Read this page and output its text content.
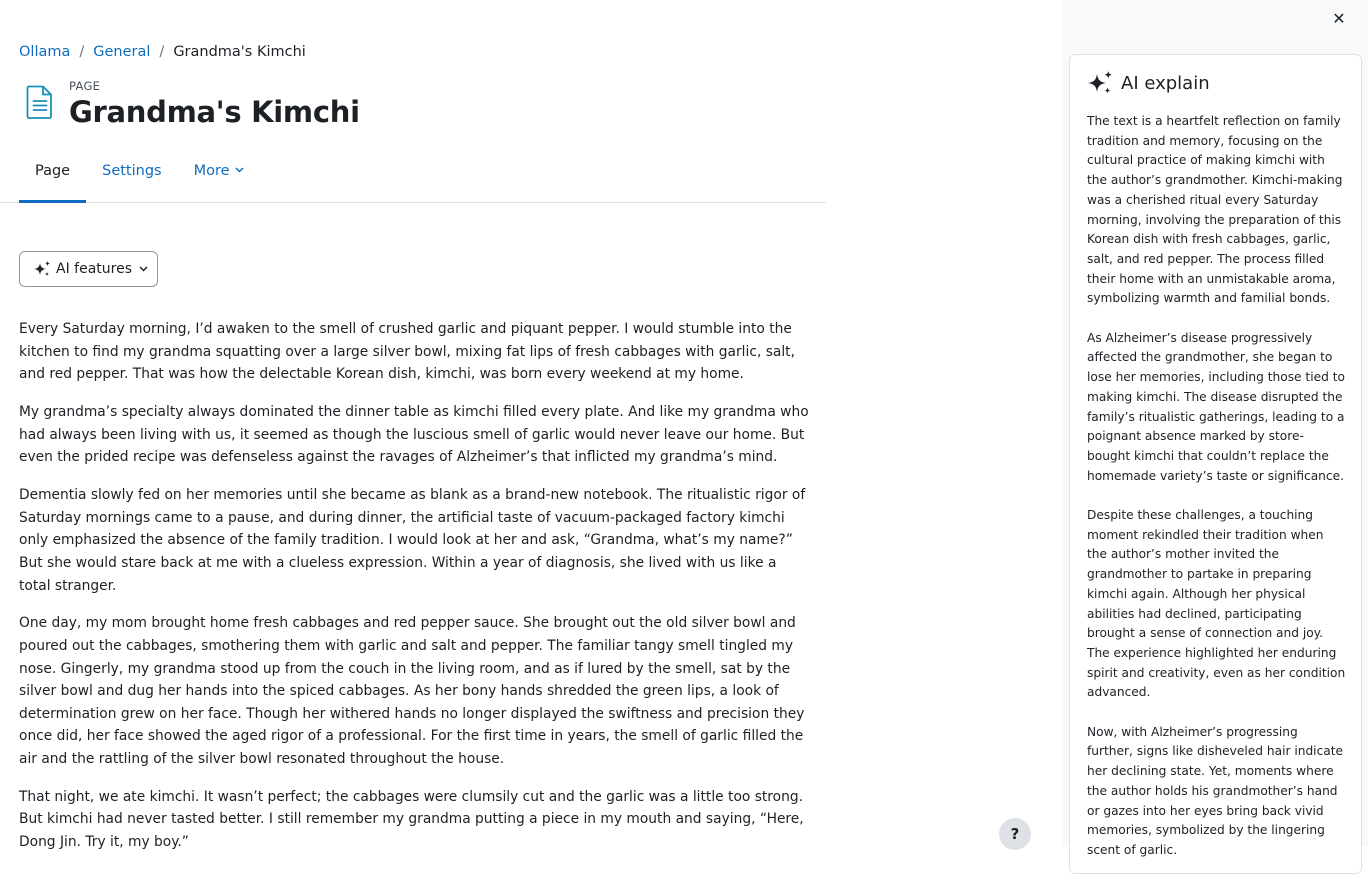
Ollama / General / Grandma's Kimchi
PAGE
Grandma's Kimchi
Page Settings More
AI features

Every Saturday morning, I’d awaken to the smell of crushed garlic and piquant pepper. I would stumble into the kitchen to find my grandma squatting over a large silver bowl, mixing fat lips of fresh cabbages with garlic, salt, and red pepper. That was how the delectable Korean dish, kimchi, was born every weekend at my home.

My grandma’s specialty always dominated the dinner table as kimchi filled every plate. And like my grandma who had always been living with us, it seemed as though the luscious smell of garlic would never leave our home. But even the prided recipe was defenseless against the ravages of Alzheimer’s that inflicted my grandma’s mind.

Dementia slowly fed on her memories until she became as blank as a brand-new notebook. The ritualistic rigor of Saturday mornings came to a pause, and during dinner, the artificial taste of vacuum-packaged factory kimchi only emphasized the absence of the family tradition. I would look at her and ask, “Grandma, what’s my name?” But she would stare back at me with a clueless expression. Within a year of diagnosis, she lived with us like a total stranger.

One day, my mom brought home fresh cabbages and red pepper sauce. She brought out the old silver bowl and poured out the cabbages, smothering them with garlic and salt and pepper. The familiar tangy smell tingled my nose. Gingerly, my grandma stood up from the couch in the living room, and as if lured by the smell, sat by the silver bowl and dug her hands into the spiced cabbages. As her bony hands shredded the green lips, a look of determination grew on her face. Though her withered hands no longer displayed the swiftness and precision they once did, her face showed the aged rigor of a professional. For the first time in years, the smell of garlic filled the air and the rattling of the silver bowl resonated throughout the house.

That night, we ate kimchi. It wasn’t perfect; the cabbages were clumsily cut and the garlic was a little too strong. But kimchi had never tasted better. I still remember my grandma putting a piece in my mouth and saying, “Here, Dong Jin. Try it, my boy.”	?
✕
AI explain

The text is a heartfelt reflection on family tradition and memory, focusing on the cultural practice of making kimchi with the author’s grandmother. Kimchi-making was a cherished ritual every Saturday morning, involving the preparation of this Korean dish with fresh cabbages, garlic, salt, and red pepper. The process filled their home with an unmistakable aroma, symbolizing warmth and familial bonds.

As Alzheimer’s disease progressively affected the grandmother, she began to lose her memories, including those tied to making kimchi. The disease disrupted the family’s ritualistic gatherings, leading to a poignant absence marked by store-bought kimchi that couldn’t replace the homemade variety’s taste or significance.

Despite these challenges, a touching moment rekindled their tradition when the author’s mother invited the grandmother to partake in preparing kimchi again. Although her physical abilities had declined, participating brought a sense of connection and joy. The experience highlighted her enduring spirit and creativity, even as her condition advanced.

Now, with Alzheimer’s progressing further, signs like disheveled hair indicate her declining state. Yet, moments where the author holds his grandmother’s hand or gazes into her eyes bring back vivid memories, symbolized by the lingering scent of garlic.
